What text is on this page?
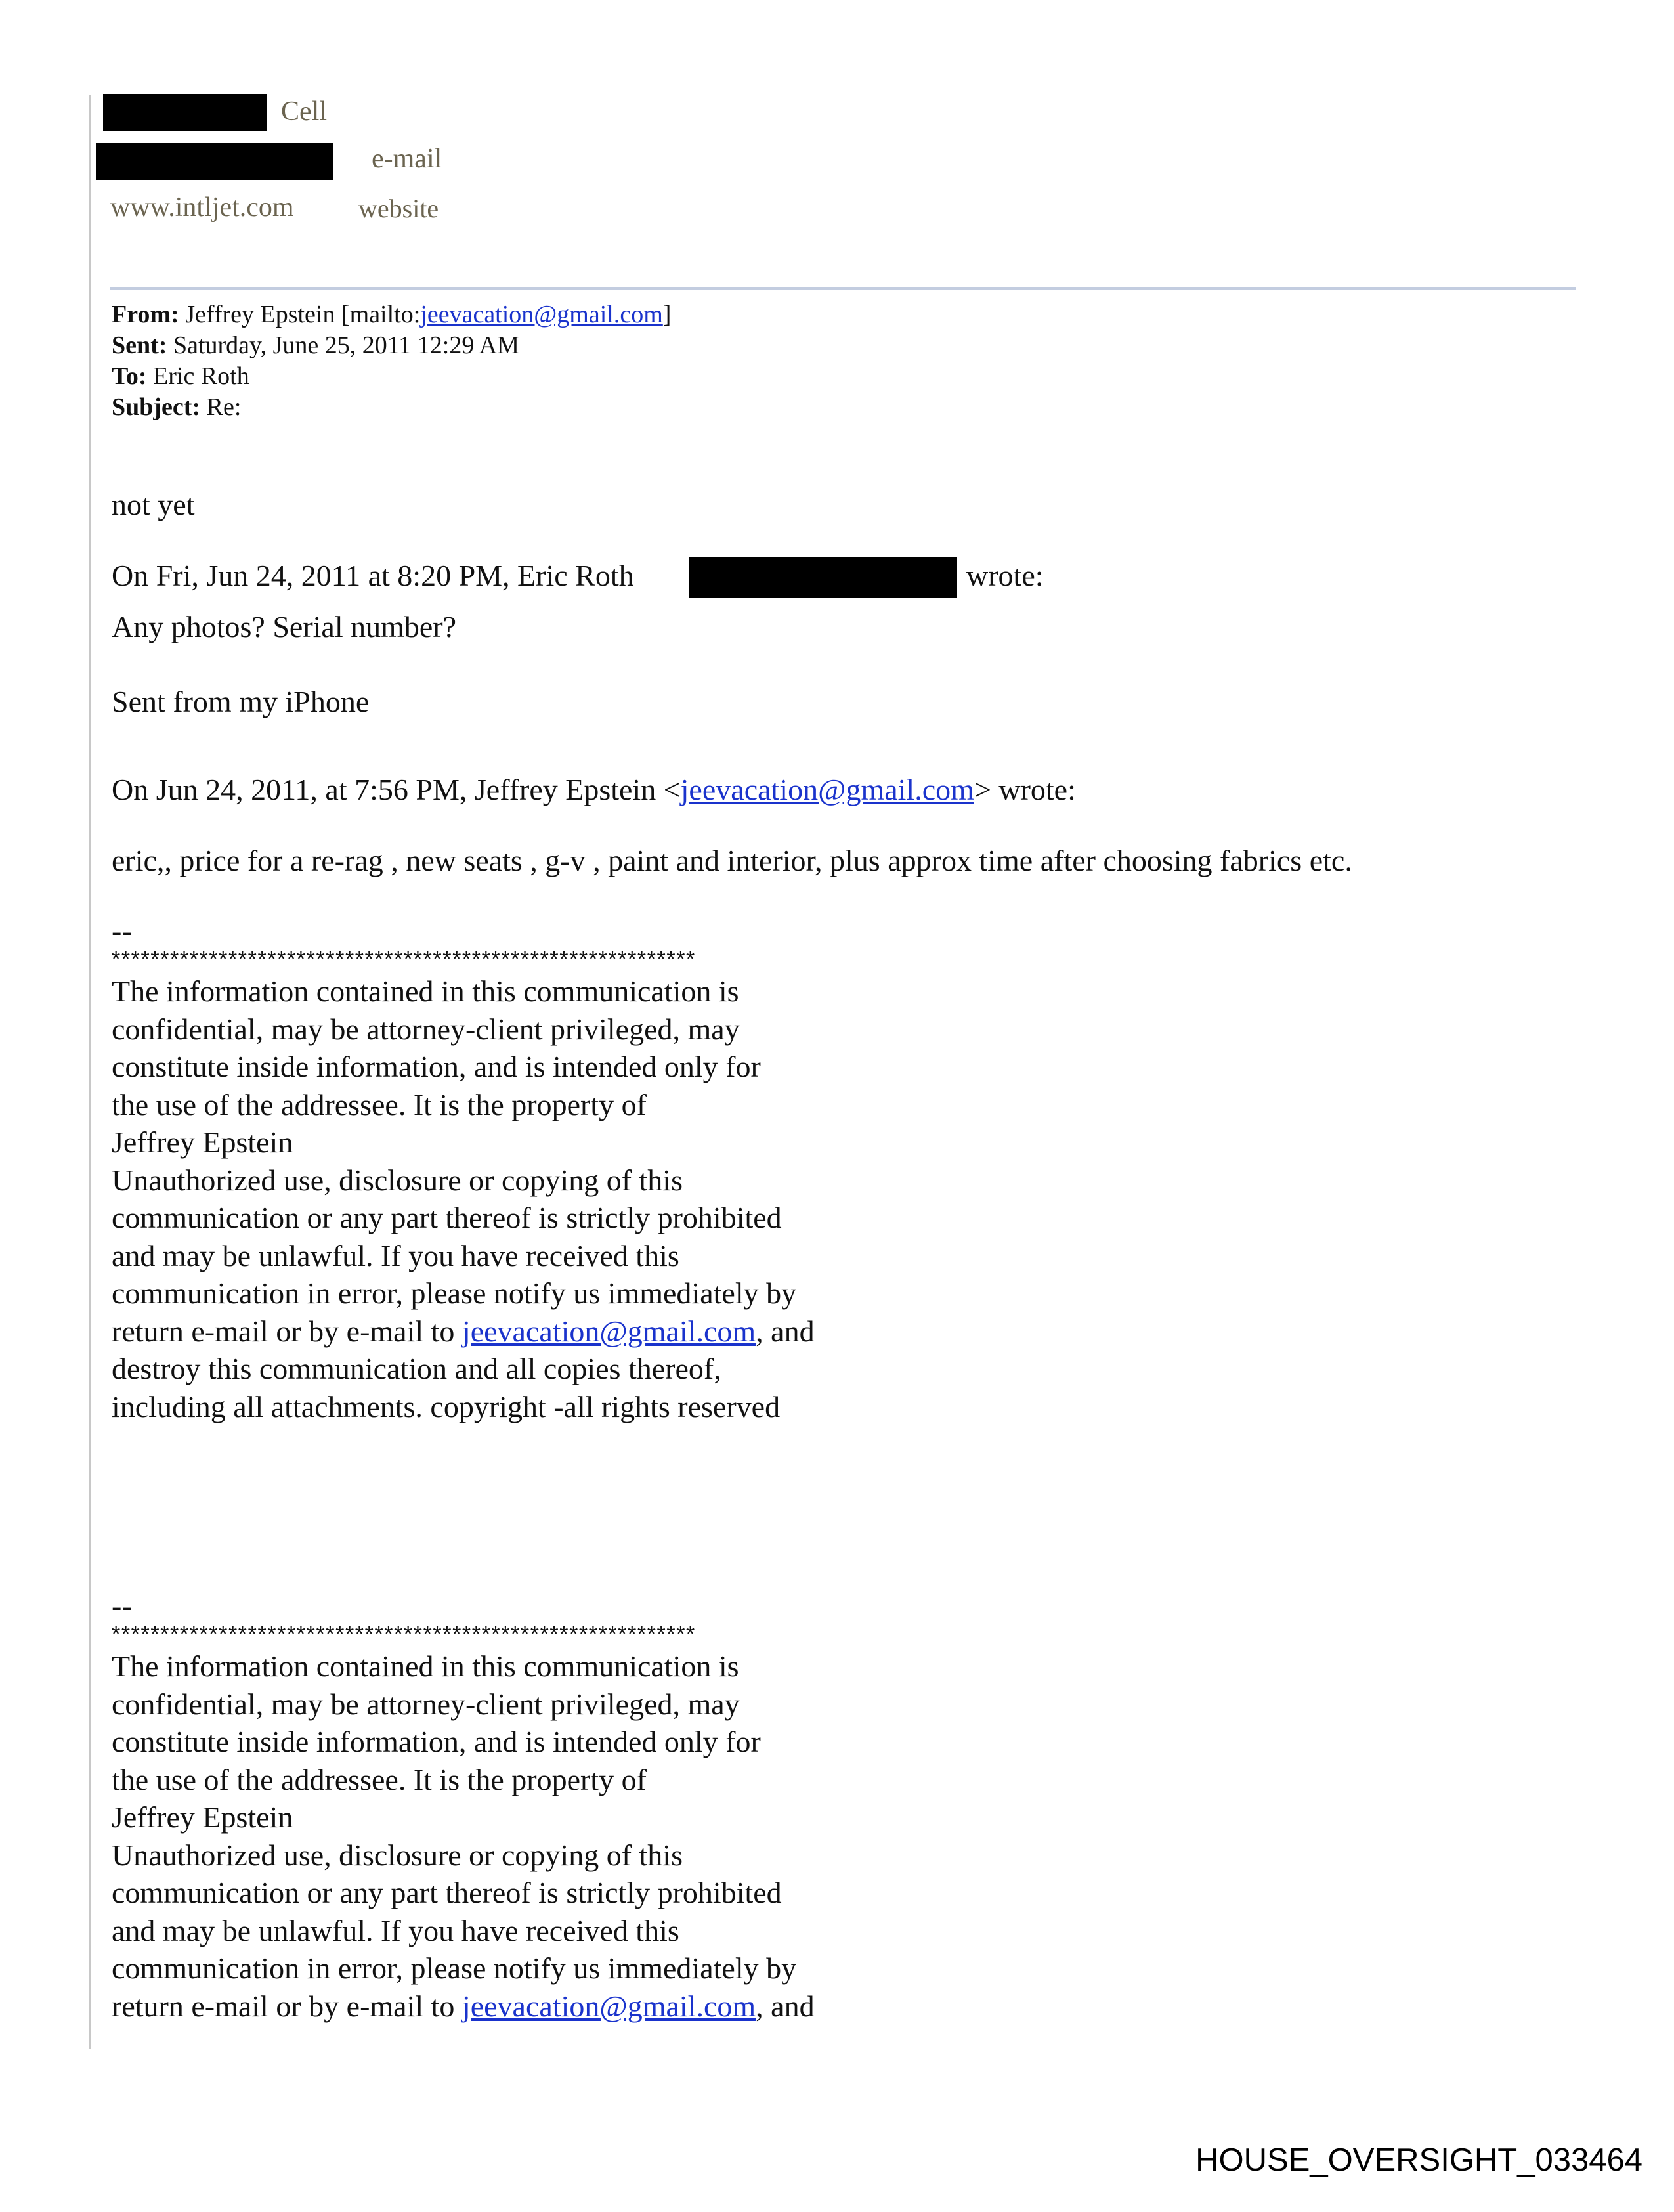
Cell
e-mail
www.intljet.com website
From: Jeffrey Epstein [mailto:jeevacation@gmail.com]
Sent: Saturday, June 25, 2011 12:29 AM
To: Eric Roth
Subject: Re:
not yet
On Fri, Jun 24, 2011 at 8:20 PM, Eric Roth	wrote:
Any photos? Serial number?
Sent from my iPhone
On Jun 24, 2011, at 7:56 PM, Jeffrey Epstein <jeevacation@gmail.com> wrote:
eric,, price for a re-rag , new seats , g-v , paint and interior, plus approx time after choosing fabrics etc.
--
************************************************************
The information contained in this communication is
confidential, may be attorney-client privileged, may
constitute inside information, and is intended only for
the use of the addressee. It is the property of
Jeffrey Epstein
Unauthorized use, disclosure or copying of this
communication or any part thereof is strictly prohibited
and may be unlawful. If you have received this
communication in error, please notify us immediately by
return e-mail or by e-mail to jeevacation@gmail.com, and
destroy this communication and all copies thereof,
including all attachments. copyright -all rights reserved
--
************************************************************
The information contained in this communication is
confidential, may be attorney-client privileged, may
constitute inside information, and is intended only for
the use of the addressee. It is the property of
Jeffrey Epstein
Unauthorized use, disclosure or copying of this
communication or any part thereof is strictly prohibited
and may be unlawful. If you have received this
communication in error, please notify us immediately by
return e-mail or by e-mail to jeevacation@gmail.com, and
HOUSE_OVERSIGHT_033464
